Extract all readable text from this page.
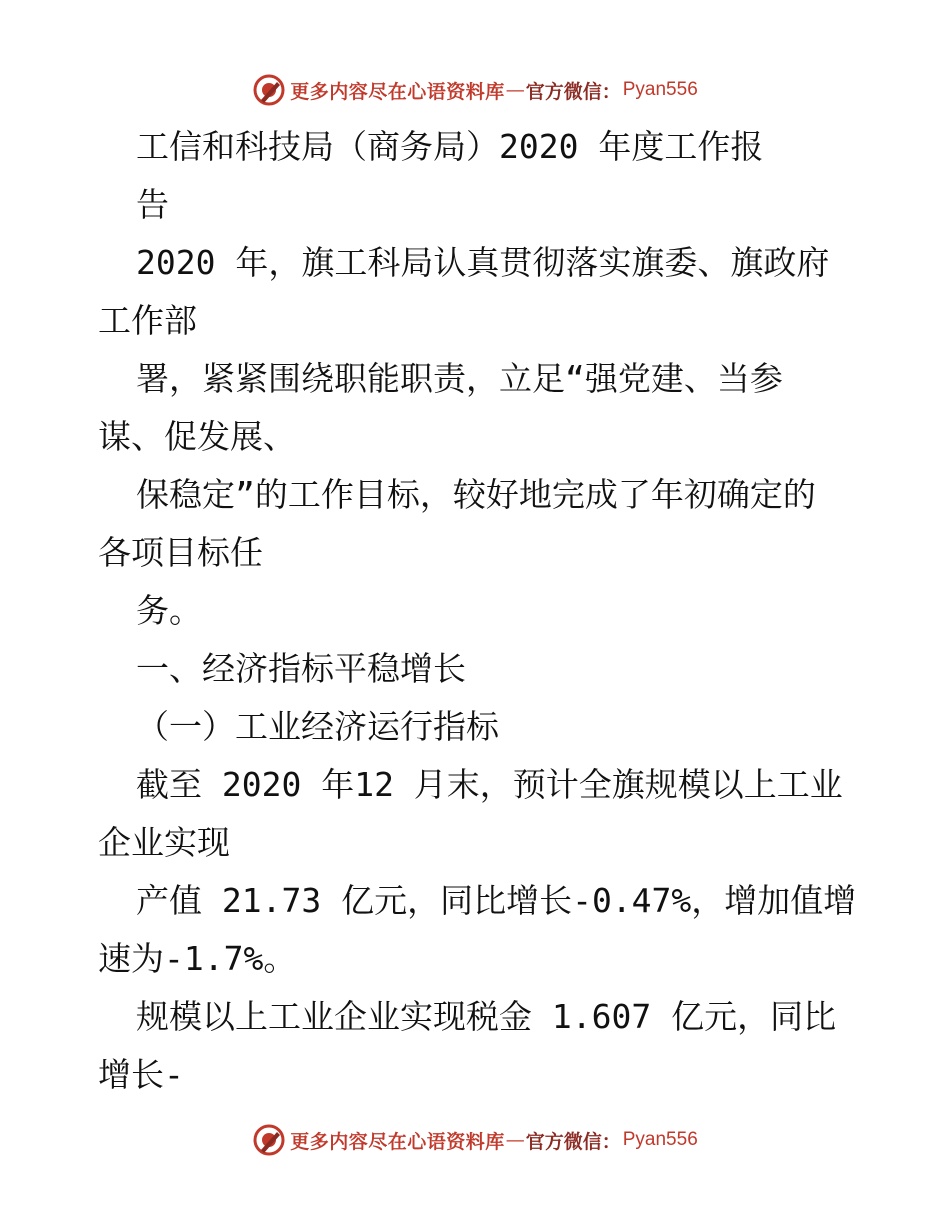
更多内容尽在心语资料库 — 官方微信： Pyan556
工信和科技局（商务局）2020 年度工作报
告
2020 年，旗工科局认真贯彻落实旗委、旗政府
工作部
署，紧紧围绕职能职责，立足“强党建、当参
谋、促发展、
保稳定”的工作目标，较好地完成了年初确定的
各项目标任
务。
一、经济指标平稳增长
（一）工业经济运行指标
截至 2020 年12 月末，预计全旗规模以上工业
企业实现
产值 21.73 亿元，同比增长-0.47%，增加值增
速为-1.7%。
规模以上工业企业实现税金 1.607 亿元，同比
增长-
更多内容尽在心语资料库 — 官方微信： Pyan556
